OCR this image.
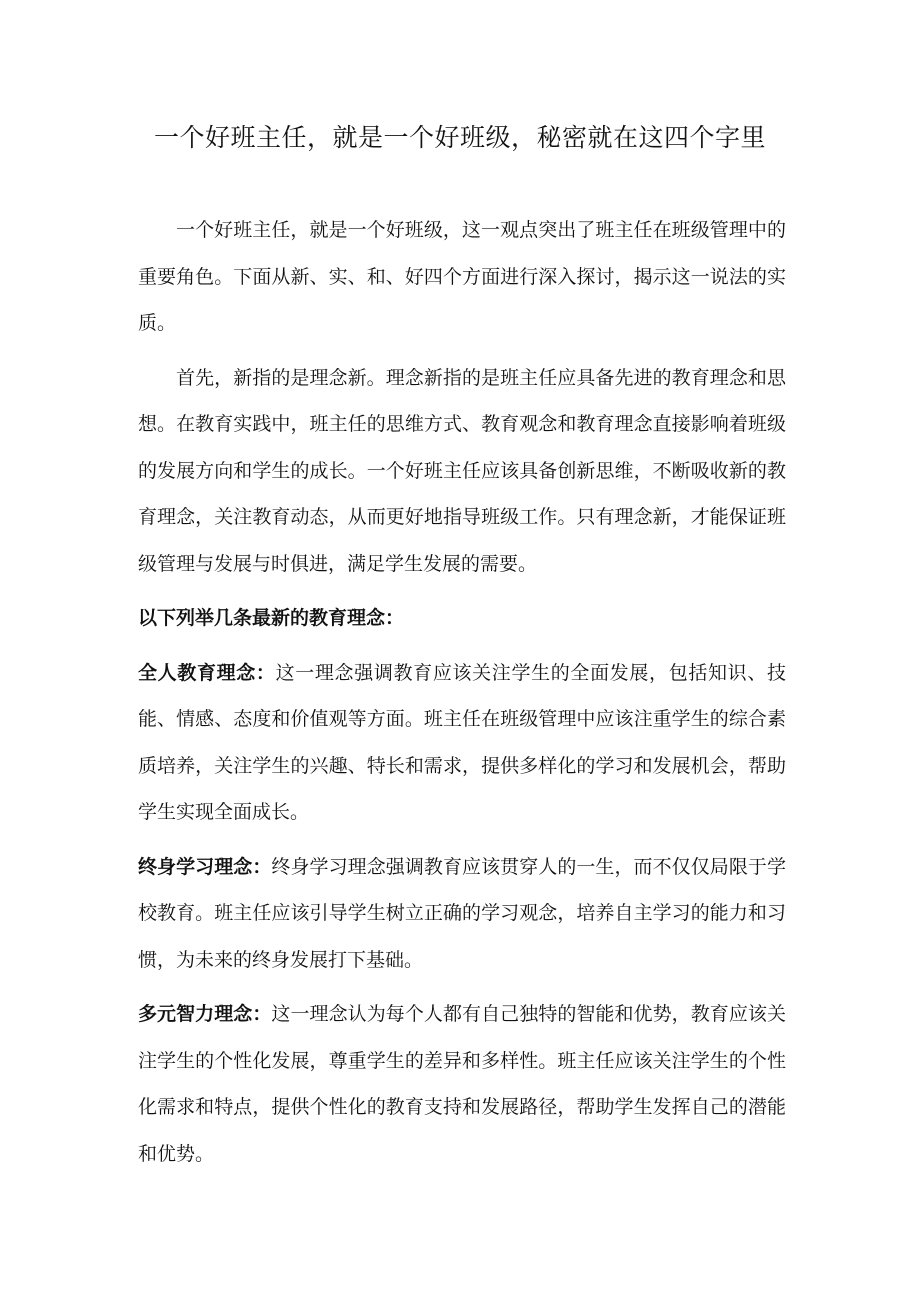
一个好班主任，就是一个好班级，秘密就在这四个字里

一个好班主任，就是一个好班级，这一观点突出了班主任在班级管理中的重要角色。下面从新、实、和、好四个方面进行深入探讨，揭示这一说法的实质。

首先，新指的是理念新。理念新指的是班主任应具备先进的教育理念和思想。在教育实践中，班主任的思维方式、教育观念和教育理念直接影响着班级的发展方向和学生的成长。一个好班主任应该具备创新思维，不断吸收新的教育理念，关注教育动态，从而更好地指导班级工作。只有理念新，才能保证班级管理与发展与时俱进，满足学生发展的需要。

以下列举几条最新的教育理念：

全人教育理念：这一理念强调教育应该关注学生的全面发展，包括知识、技能、情感、态度和价值观等方面。班主任在班级管理中应该注重学生的综合素质培养，关注学生的兴趣、特长和需求，提供多样化的学习和发展机会，帮助学生实现全面成长。

终身学习理念：终身学习理念强调教育应该贯穿人的一生，而不仅仅局限于学校教育。班主任应该引导学生树立正确的学习观念，培养自主学习的能力和习惯，为未来的终身发展打下基础。

多元智力理念：这一理念认为每个人都有自己独特的智能和优势，教育应该关注学生的个性化发展，尊重学生的差异和多样性。班主任应该关注学生的个性化需求和特点，提供个性化的教育支持和发展路径，帮助学生发挥自己的潜能和优势。
